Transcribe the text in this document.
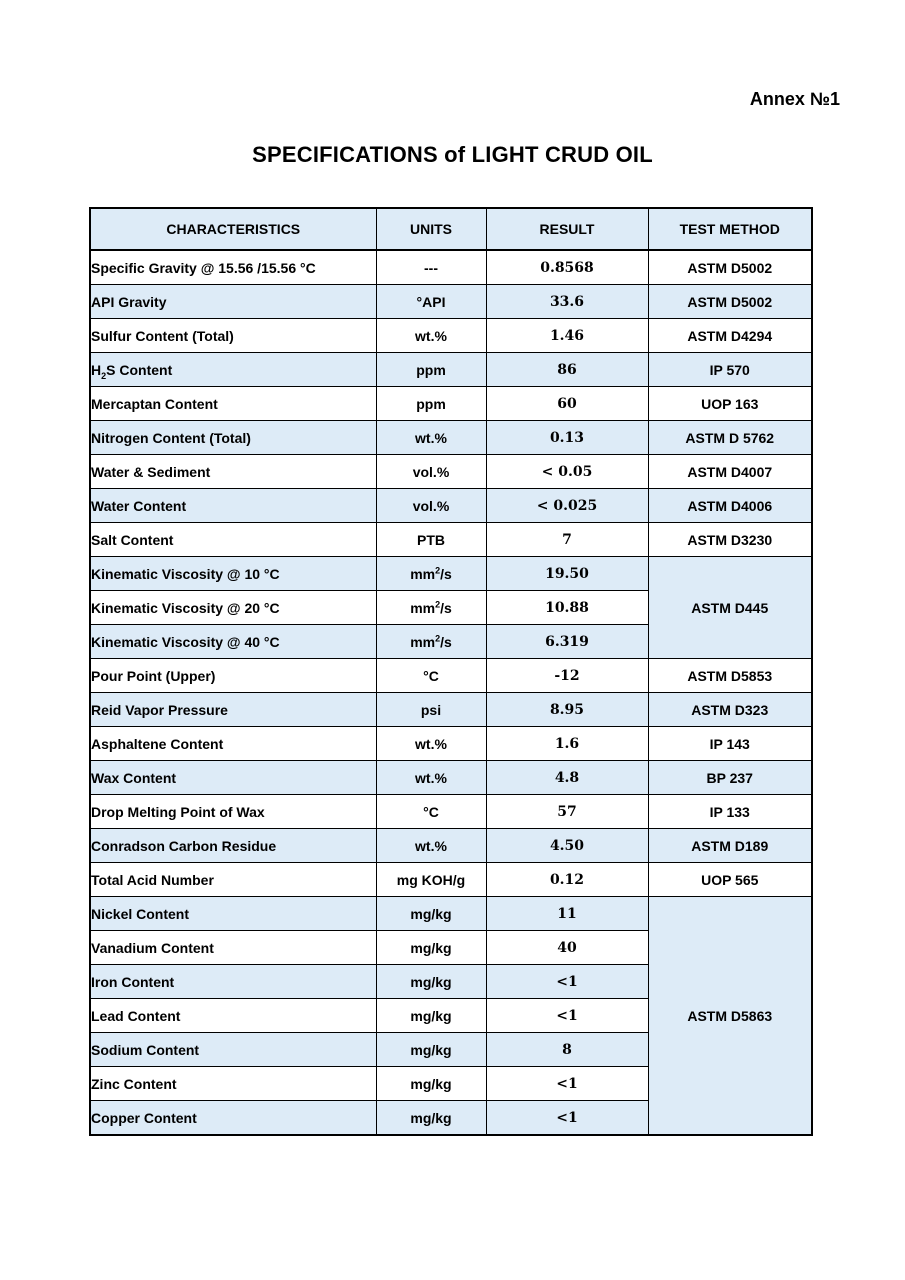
Annex №1
SPECIFICATIONS of LIGHT CRUD OIL
CHARACTERISTICS	UNITS	RESULT	TEST METHOD
Specific Gravity @ 15.56 /15.56 °C	---	0.8568	ASTM D5002
API Gravity	°API	33.6	ASTM D5002
Sulfur Content (Total)	wt.%	1.46	ASTM D4294
$H_2S$ Content	ppm	86	IP 570
Mercaptan Content	ppm	60	UOP 163
Nitrogen Content (Total)	wt.%	0.13	ASTM D 5762
Water & Sediment	vol.%	< 0.05	ASTM D4007
Water Content	vol.%	< 0.025	ASTM D4006
Salt Content	PTB	7	ASTM D3230
Kinematic Viscosity @ 10 °C	$mm^2/s$	19.50	ASTM D445
Kinematic Viscosity @ 20 °C	$mm^2/s$	10.88	
Kinematic Viscosity @ 40 °C	$mm^2/s$	6.319	
Pour Point (Upper)	°C	-12	ASTM D5853
Reid Vapor Pressure	psi	8.95	ASTM D323
Asphaltene Content	wt.%	1.6	IP 143
Wax Content	wt.%	4.8	BP 237
Drop Melting Point of Wax	°C	57	IP 133
Conradson Carbon Residue	wt.%	4.50	ASTM D189
Total Acid Number	mg KOH/g	0.12	UOP 565
Nickel Content	mg/kg	11	ASTM D5863
Vanadium Content	mg/kg	40	
Iron Content	mg/kg	<1	
Lead Content	mg/kg	<1	
Sodium Content	mg/kg	8	
Zinc Content	mg/kg	<1	
Copper Content	mg/kg	<1	
